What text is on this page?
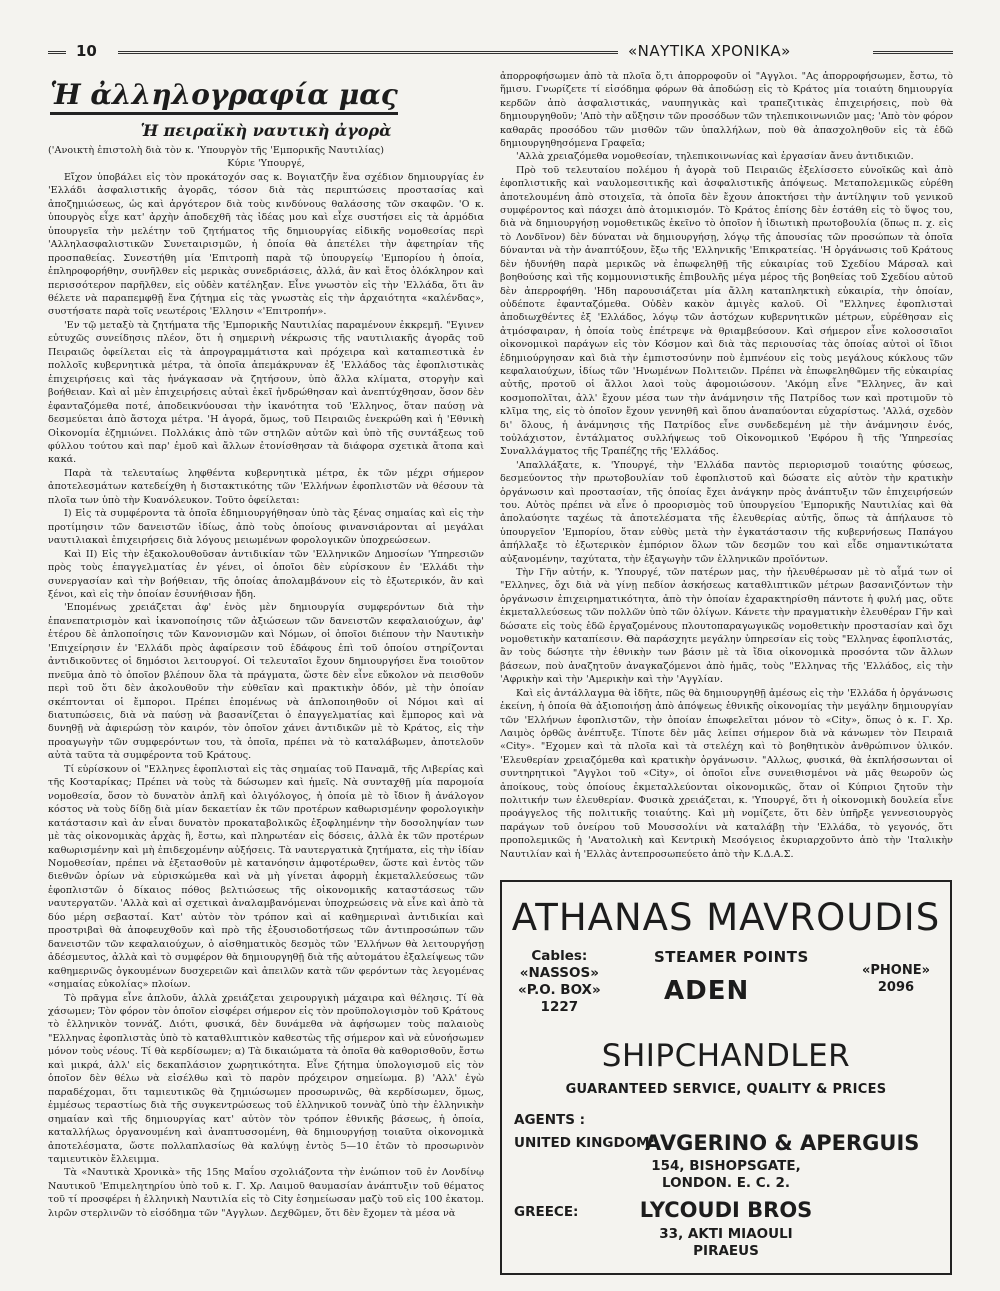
10	«ΝΑΥΤΙΚΑ ΧΡΟΝΙΚΑ»
Ἡ ἀλληλογραφία μας
Ἡ πειραϊκὴ ναυτικὴ ἀγορὰ

('Ανοικτὴ ἐπιστολὴ διὰ τὸν κ. 'Υπουργὸν τῆς 'Εμπορικῆς Ναυτιλίας)

Κύριε 'Υπουργέ,

Εἴχον ὑποβάλει εἰς τὸν προκάτοχόν σας κ. Βογιατζῆν ἕνα σχέδιον δημιουργίας ἐν 'Ελλάδι ἀσφαλιστικῆς ἀγορᾶς, τόσον διὰ τὰς περιπτώσεις προστασίας καὶ ἀποζημιώσεως, ὡς καὶ ἀργότερον διὰ τοὺς κινδύνους θαλάσσης τῶν σκαφῶν. 'Ο κ. ὑπουργὸς εἶχε κατ' ἀρχὴν ἀποδεχθῆ τὰς ἰδέας μου καὶ εἶχε συστήσει εἰς τὰ ἁρμόδια ὑπουργεῖα τὴν μελέτην τοῦ ζητήματος τῆς δημιουργίας εἰδικῆς νομοθεσίας περὶ 'Αλληλασφαλιστικῶν Συνεταιρισμῶν, ἡ ὁποία θὰ ἀπετέλει τὴν ἀφετηρίαν τῆς προσπαθείας. Συνεστήθη μία 'Επιτροπὴ παρὰ τῷ ὑπουργείῳ 'Εμπορίου ἡ ὁποία, ἐπληροφορήθην, συνῆλθεν εἰς μερικὰς συνεδριάσεις, ἀλλά, ἂν καὶ ἔτος ὁλόκληρον καὶ περισσότερον παρῆλθεν, εἰς οὐδὲν κατέληξαν. Εἶνε γνωστὸν εἰς τὴν 'Ελλάδα, ὅτι ἂν θέλετε νὰ παραπεμφθῇ ἕνα ζήτημα εἰς τὰς γνωστὰς εἰς τὴν ἀρχαιότητα «καλένδας», συστήσατε παρὰ τοῖς νεωτέροις 'Ελλησιν «'Επιτροπήν».

'Εν τῷ μεταξὺ τὰ ζητήματα τῆς 'Εμπορικῆς Ναυτιλίας παραμένουν ἐκκρεμῆ. "Εγινεν εὐτυχῶς συνείδησις πλέον, ὅτι ἡ σημερινὴ νέκρωσις τῆς ναυτιλιακῆς ἀγορᾶς τοῦ Πειραιῶς ὀφείλεται εἰς τὰ ἀπρογραμμάτιστα καὶ πρόχειρα καὶ καταπιεστικὰ ἐν πολλοῖς κυβερνητικὰ μέτρα, τὰ ὁποῖα ἀπεμάκρυναν ἐξ 'Ελλάδος τὰς ἐφοπλιστικὰς ἐπιχειρήσεις καὶ τὰς ἠνάγκασαν νὰ ζητήσουν, ὑπὸ ἄλλα κλίματα, στοργὴν καὶ βοήθειαν. Καὶ αἱ μὲν ἐπιχειρήσεις αὐταὶ ἐκεῖ ἠνδρώθησαν καὶ ἀνεπτύχθησαν, ὅσον δὲν ἐφανταζόμεθα ποτέ, ἀποδεικνύουσαι τὴν ἱκανότητα τοῦ 'Ελληνος, ὅταν παύσῃ νὰ δεσμεύεται ἀπὸ ἄστοχα μέτρα. 'Η ἀγορά, ὅμως, τοῦ Πειραιῶς ἐνεκρώθη καὶ ἡ 'Εθνικὴ Οἰκονομία ἐζημιώνει. Πολλάκις ἀπὸ τῶν στηλῶν αὐτῶν καὶ ὑπὸ τῆς συντάξεως τοῦ φύλλου τούτου καὶ παρ' ἐμοῦ καὶ ἄλλων ἐτονίσθησαν τὰ διάφορα σχετικὰ ἄτοπα καὶ κακά.

Παρὰ τὰ τελευταίως ληφθέντα κυβερνητικὰ μέτρα, ἐκ τῶν μέχρι σήμερον ἀποτελεσμάτων κατεδείχθη ἡ διστακτικότης τῶν 'Ελλήνων ἐφοπλιστῶν νὰ θέσουν τὰ πλοῖα των ὑπὸ τὴν Κυανόλευκον. Τοῦτο ὀφείλεται:

I) Εἰς τὰ συμφέροντα τὰ ὁποῖα ἐδημιουργήθησαν ὑπὸ τὰς ξένας σημαίας καὶ εἰς τὴν προτίμησιν τῶν δανειστῶν ἰδίως, ἀπὸ τοὺς ὁποίους φινανσιάρονται αἱ μεγάλαι ναυτιλιακαὶ ἐπιχειρήσεις διὰ λόγους μειωμένων φορολογικῶν ὑποχρεώσεων.

Καὶ II) Εἰς τὴν ἐξακολουθοῦσαν ἀντιδικίαν τῶν 'Ελληνικῶν Δημοσίων 'Υπηρεσιῶν πρὸς τοὺς ἐπαγγελματίας ἐν γένει, οἱ ὁποῖοι δὲν εὑρίσκουν ἐν 'Ελλάδι τὴν συνεργασίαν καὶ τὴν βοήθειαν, τῆς ὁποίας ἀπολαμβάνουν εἰς τὸ ἐξωτερικόν, ἂν καὶ ξένοι, καὶ εἰς τὴν ὁποίαν ἐσυνήθισαν ἤδη.

'Επομένως χρειάζεται ἀφ' ἑνὸς μὲν δημιουργία συμφερόντων διὰ τὴν ἐπανεπατρισμὸν καὶ ἱκανοποίησις τῶν ἀξιώσεων τῶν δανειστῶν κεφαλαιούχων, ἀφ' ἑτέρου δὲ ἀπλοποίησις τῶν Κανονισμῶν καὶ Νόμων, οἱ ὁποῖοι διέπουν τὴν Ναυτικὴν 'Επιχείρησιν ἐν 'Ελλάδι πρὸς ἀφαίρεσιν τοῦ ἐδάφους ἐπὶ τοῦ ὁποίου στηρίζονται ἀντιδικοῦντες οἱ δημόσιοι λειτουργοί. Οἱ τελευταῖοι ἔχουν δημιουργήσει ἕνα τοιοῦτον πνεῦμα ἀπὸ τὸ ὁποῖον βλέπουν ὅλα τὰ πράγματα, ὥστε δὲν εἶνε εὔκολον νὰ πεισθοῦν περὶ τοῦ ὅτι δὲν ἀκολουθοῦν τὴν εὐθεῖαν καὶ πρακτικὴν ὁδόν, μὲ τὴν ὁποίαν σκέπτονται οἱ ἔμποροι. Πρέπει ἐπομένως νὰ ἁπλοποιηθοῦν οἱ Νόμοι καὶ αἱ διατυπώσεις, διὰ νὰ παύσῃ νὰ βασανίζεται ὁ ἐπαγγελματίας καὶ ἔμπορος καὶ νὰ δυνηθῇ νὰ ἀφιερώσῃ τὸν καιρόν, τὸν ὁποῖον χάνει ἀντιδικῶν μὲ τὸ Κράτος, εἰς τὴν προαγωγὴν τῶν συμφερόντων του, τὰ ὁποῖα, πρέπει νὰ τὸ καταλάβωμεν, ἀποτελοῦν αὐτὰ ταῦτα τὰ συμφέροντα τοῦ Κράτους.

Τί εὑρίσκουν οἱ "Ελληνες ἐφοπλισταὶ εἰς τὰς σημαίας τοῦ Παναμᾶ, τῆς Λιβερίας καὶ τῆς Κοσταρίκας; Πρέπει νὰ τοὺς τὰ δώσωμεν καὶ ἡμεῖς. Νὰ συνταχθῇ μία παρομοία νομοθεσία, ὅσον τὸ δυνατὸν ἁπλῆ καὶ ὀλιγόλογος, ἡ ὁποία μὲ τὸ ἴδιον ἢ ἀνάλογον κόστος νὰ τοὺς δίδῃ διὰ μίαν δεκαετίαν ἐκ τῶν προτέρων καθωρισμένην φορολογικὴν κατάστασιν καὶ ἀν εἶναι δυνατὸν προκαταβολικῶς ἐξοφλημένην τὴν δοσοληψίαν των μὲ τὰς οἰκονομικὰς ἀρχὰς ἢ, ἔστω, καὶ πληρωτέαν εἰς δόσεις, ἀλλὰ ἐκ τῶν προτέρων καθωρισμένην καὶ μὴ ἐπιδεχομένην αὐξήσεις. Τὰ ναυτεργατικὰ ζητήματα, εἰς τὴν ἰδίαν Νομοθεσίαν, πρέπει νὰ ἐξετασθοῦν μὲ κατανόησιν ἀμφοτέρωθεν, ὥστε καὶ ἐντὸς τῶν διεθνῶν ὁρίων νὰ εὑρισκώμεθα καὶ νὰ μὴ γίνεται ἀφορμὴ ἐκμεταλλεύσεως τῶν ἐφοπλιστῶν ὁ δίκαιος πόθος βελτιώσεως τῆς οἰκονομικῆς καταστάσεως τῶν ναυτεργατῶν. 'Αλλὰ καὶ αἱ σχετικαὶ ἀναλαμβανόμεναι ὑποχρεώσεις νὰ εἶνε καὶ ἀπὸ τὰ δύο μέρη σεβασταί. Κατ' αὐτὸν τὸν τρόπον καὶ αἱ καθημεριναὶ ἀντιδικίαι καὶ προστριβαὶ θὰ ἀποφευχθοῦν καὶ πρὸ τῆς ἐξουσιοδοτήσεως τῶν ἀντιπροσώπων τῶν δανειστῶν τῶν κεφαλαιούχων, ὁ αἰσθηματικὸς δεσμὸς τῶν 'Ελλήνων θὰ λειτουργήσῃ ἀδέσμευτος, ἀλλὰ καὶ τὸ συμφέρον θὰ δημιουργηθῇ διὰ τῆς αὐτομάτου ἐξαλείψεως τῶν καθημερινῶς ὀγκουμένων δυσχερειῶν καὶ ἀπειλῶν κατὰ τῶν φερόντων τὰς λεγομένας «σημαίας εὐκολίας» πλοίων.

Τὸ πρᾶγμα εἶνε ἁπλοῦν, ἀλλὰ χρειάζεται χειρουργικὴ μάχαιρα καὶ θέλησις. Τί θὰ χάσωμεν; Τὸν φόρον τὸν ὁποῖον εἰσφέρει σήμερον εἰς τὸν προϋπολογισμὸν τοῦ Κράτους τὸ ἑλληνικὸν τοννάζ. Διότι, φυσικά, δὲν δυνάμεθα νὰ ἀφήσωμεν τοὺς παλαιοὺς "Ελληνας ἐφοπλιστὰς ὑπὸ τὸ καταθλιπτικὸν καθεστὼς τῆς σήμερον καὶ νὰ εὐνοήσωμεν μόνον τοὺς νέους. Τί θὰ κερδίσωμεν; α) Τὰ δικαιώματα τὰ ὁποῖα θὰ καθορισθοῦν, ἔστω καὶ μικρά, ἀλλ' εἰς δεκαπλάσιον χωρητικότητα. Εἶνε ζήτημα ὑπολογισμοῦ εἰς τὸν ὁποῖον δὲν θέλω νὰ εἰσέλθω καὶ τὸ παρὸν πρόχειρον σημείωμα. β) 'Αλλ' ἐγὼ παραδέχομαι, ὅτι ταμιευτικῶς θὰ ζημιώσωμεν προσωρινῶς, θὰ κερδίσωμεν, ὅμως, ἐμμέσως τεραστίως διὰ τῆς συγκεντρώσεως τοῦ ἑλληνικοῦ τοννὰζ ὑπὸ τὴν ἑλληνικὴν σημαίαν καὶ τῆς δημιουργίας κατ' αὐτὸν τὸν τρόπον ἐθνικῆς βάσεως, ἡ ὁποία, καταλλήλως ὀργανουμένη καὶ ἀναπτυσσομένη, θὰ δημιουργήσῃ τοιαῦτα οἰκονομικὰ ἀποτελέσματα, ὥστε πολλαπλασίως θὰ καλύψῃ ἐντὸς 5—10 ἐτῶν τὸ προσωρινὸν ταμιευτικὸν ἔλλειμμα.

Τὰ «Ναυτικὰ Χρονικὰ» τῆς 15ης Μαΐου σχολιάζοντα τὴν ἐνώπιον τοῦ ἐν Λονδίνῳ Ναυτικοῦ 'Επιμελητηρίου ὑπὸ τοῦ κ. Γ. Χρ. Λαιμοῦ θαυμασίαν ἀνάπτυξιν τοῦ θέματος τοῦ τί προσφέρει ἡ ἑλληνικὴ Ναυτιλία εἰς τὸ City ἐσημείωσαν μαζὺ τοῦ εἰς 100 ἑκατομ. λιρῶν στερλινῶν τὸ εἰσόδημα τῶν "Αγγλων. Δεχθῶμεν, ὅτι δὲν ἔχομεν τὰ μέσα νὰ

ἀπορροφήσωμεν ἀπὸ τὰ πλοῖα ὅ,τι ἀπορροφοῦν οἱ "Αγγλοι. "Ας ἀπορροφήσωμεν, ἔστω, τὸ ἥμισυ. Γνωρίζετε τί εἰσόδημα φόρων θὰ ἀποδώσῃ εἰς τὸ Κράτος μία τοιαύτη δημιουργία κερδῶν ἀπὸ ἀσφαλιστικάς, ναυπηγικὰς καὶ τραπεζιτικὰς ἐπιχειρήσεις, ποὺ θὰ δημιουργηθοῦν; 'Απὸ τὴν αὔξησιν τῶν προσόδων τῶν τηλεπικοινωνιῶν μας; 'Απὸ τὸν φόρον καθαρᾶς προσόδου τῶν μισθῶν τῶν ὑπαλλήλων, ποὺ θὰ ἀπασχοληθοῦν εἰς τὰ ἐδῶ δημιουργηθησόμενα Γραφεῖα;

'Αλλὰ χρειαζόμεθα νομοθεσίαν, τηλεπικοινωνίας καὶ ἐργασίαν ἄνευ ἀντιδικιῶν.

Πρὸ τοῦ τελευταίου πολέμου ἡ ἀγορὰ τοῦ Πειραιῶς ἐξελίσσετο εὐνοϊκῶς καὶ ἀπὸ ἐφοπλιστικῆς καὶ ναυλομεσιτικῆς καὶ ἀσφαλιστικῆς ἀπόψεως. Μεταπολεμικῶς εὑρέθη ἀποτελουμένη ἀπὸ στοιχεῖα, τὰ ὁποῖα δὲν ἔχουν ἀποκτήσει τὴν ἀντίληψιν τοῦ γενικοῦ συμφέροντος καὶ πάσχει ἀπὸ ἀτομικισμόν. Τὸ Κράτος ἐπίσης δὲν ἐστάθη εἰς τὸ ὕψος του, διὰ νὰ δημιουργήσῃ νομοθετικῶς ἐκεῖνο τὸ ὁποῖον ἡ ἰδιωτικὴ πρωτοβουλία (ὅπως π. χ. εἰς τὸ Λονδῖνον) δὲν δύναται νὰ δημιουργήσῃ, λόγῳ τῆς ἀπουσίας τῶν προσώπων τὰ ὁποῖα δύνανται νὰ τὴν ἀναπτύξουν, ἔξω τῆς 'Ελληνικῆς 'Επικρατείας. 'Η ὀργάνωσις τοῦ Κράτους δὲν ἠδυνήθη παρὰ μερικῶς νὰ ἐπωφεληθῇ τῆς εὐκαιρίας τοῦ Σχεδίου Μάρσαλ καὶ βοηθούσης καὶ τῆς κομμουνιστικῆς ἐπιβουλῆς μέγα μέρος τῆς βοηθείας τοῦ Σχεδίου αὐτοῦ δὲν ἀπερροφήθη. 'Ηδη παρουσιάζεται μία ἄλλη καταπληκτικὴ εὐκαιρία, τὴν ὁποίαν, οὐδέποτε ἐφανταζόμεθα. Οὐδὲν κακὸν ἀμιγὲς καλοῦ. Οἱ "Ελληνες ἐφοπλισταὶ ἀποδιωχθέντες ἐξ 'Ελλάδος, λόγῳ τῶν ἀστόχων κυβερνητικῶν μέτρων, εὑρέθησαν εἰς ἀτμόσφαιραν, ἡ ὁποία τοὺς ἐπέτρεψε νὰ θριαμβεύσουν. Καὶ σήμερον εἶνε κολοσσιαῖοι οἰκονομικοὶ παράγων εἰς τὸν Κόσμον καὶ διὰ τὰς περιουσίας τὰς ὁποίας αὐτοὶ οἱ ἴδιοι ἐδημιούργησαν καὶ διὰ τὴν ἐμπιστοσύνην ποὺ ἐμπνέουν εἰς τοὺς μεγάλους κύκλους τῶν κεφαλαιούχων, ἰδίως τῶν 'Ηνωμένων Πολιτειῶν. Πρέπει νὰ ἐπωφεληθῶμεν τῆς εὐκαιρίας αὐτῆς, προτοῦ οἱ ἄλλοι λαοὶ τοὺς ἀφομοιώσουν. 'Ακόμη εἶνε "Ελληνες, ἂν καὶ κοσμοπολῖται, ἀλλ' ἔχουν μέσα των τὴν ἀνάμνησιν τῆς Πατρίδος των καὶ προτιμοῦν τὸ κλῖμα της, εἰς τὸ ὁποῖον ἔχουν γεννηθῆ καὶ ὅπου ἀναπαύονται εὐχαρίστως. 'Αλλά, σχεδὸν δι' ὅλους, ἡ ἀνάμνησις τῆς Πατρίδος εἶνε συνδεδεμένη μὲ τὴν ἀνάμνησιν ἑνός, τοὐλάχιστον, ἐντάλματος συλλήψεως τοῦ Οἰκονομικοῦ 'Εφόρου ἢ τῆς 'Υπηρεσίας Συναλλάγματος τῆς Τραπέζης τῆς 'Ελλάδος.

'Απαλλάξατε, κ. 'Υπουργέ, τὴν 'Ελλάδα παντὸς περιορισμοῦ τοιαύτης φύσεως, δεσμεύοντος τὴν πρωτοβουλίαν τοῦ ἐφοπλιστοῦ καὶ δώσατε εἰς αὐτὸν τὴν κρατικὴν ὀργάνωσιν καὶ προστασίαν, τῆς ὁποίας ἔχει ἀνάγκην πρὸς ἀνάπτυξιν τῶν ἐπιχειρήσεών του. Αὐτὸς πρέπει νὰ εἶνε ὁ προορισμὸς τοῦ ὑπουργείου 'Εμπορικῆς Ναυτιλίας καὶ θὰ ἀπολαύσητε ταχέως τὰ ἀποτελέσματα τῆς ἐλευθερίας αὐτῆς, ὅπως τὰ ἀπήλαυσε τὸ ὑπουργεῖον 'Εμπορίου, ὅταν εὐθὺς μετὰ τὴν ἐγκατάστασιν τῆς κυβερνήσεως Παπάγου ἀπήλλαξε τὸ ἐξωτερικὸν ἐμπόριον ὅλων τῶν δεσμῶν του καὶ εἶδε σημαντικώτατα αὐξανομένην, ταχύτατα, τὴν ἐξαγωγὴν τῶν ἑλληνικῶν προϊόντων.

Τὴν Γῆν αὐτήν, κ. 'Υπουργέ, τῶν πατέρων μας, τὴν ἠλευθέρωσαν μὲ τὸ αἷμά των οἱ "Ελληνες, ὄχι διὰ νὰ γίνῃ πεδίον ἀσκήσεως καταθλιπτικῶν μέτρων βασανιζόντων τὴν ὀργάνωσιν ἐπιχειρηματικότητα, ἀπὸ τὴν ὁποίαν ἐχαρακτηρίσθη πάντοτε ἡ φυλή μας, οὔτε ἐκμεταλλεύσεως τῶν πολλῶν ὑπὸ τῶν ὀλίγων. Κάνετε τὴν πραγματικὴν ἐλευθέραν Γῆν καὶ δώσατε εἰς τοὺς ἐδῶ ἐργαζομένους πλουτοπαραγωγικῶς νομοθετικὴν προστασίαν καὶ ὄχι νομοθετικὴν καταπίεσιν. Θὰ παράσχητε μεγάλην ὑπηρεσίαν εἰς τοὺς "Ελληνας ἐφοπλιστάς, ἂν τοὺς δώσητε τὴν ἐθνικὴν των βάσιν μὲ τὰ ἴδια οἰκονομικὰ προσόντα τῶν ἄλλων βάσεων, ποὺ ἀναζητοῦν ἀναγκαζόμενοι ἀπὸ ἡμᾶς, τοὺς "Ελληνας τῆς 'Ελλάδος, εἰς τὴν 'Αφρικὴν καὶ τὴν 'Αμερικὴν καὶ τὴν 'Αγγλίαν.

Καὶ εἰς ἀντάλλαγμα θὰ ἰδῆτε, πῶς θὰ δημιουργηθῇ ἀμέσως εἰς τὴν 'Ελλάδα ἡ ὀργάνωσις ἐκείνη, ἡ ὁποία θὰ ἀξιοποιήσῃ ἀπὸ ἀπόψεως ἐθνικῆς οἰκονομίας τὴν μεγάλην δημιουργίαν τῶν 'Ελλήνων ἐφοπλιστῶν, τὴν ὁποίαν ἐπωφελεῖται μόνον τὸ «City», ὅπως ὁ κ. Γ. Χρ. Λαιμὸς ὀρθῶς ἀνέπτυξε. Τίποτε δὲν μᾶς λείπει σήμερον διὰ νὰ κάνωμεν τὸν Πειραιᾶ «City». "Εχομεν καὶ τὰ πλοῖα καὶ τὰ στελέχη καὶ τὸ βοηθητικὸν ἀνθρώπινον ὑλικόν. 'Ελευθερίαν χρειαζόμεθα καὶ κρατικὴν ὀργάνωσιν. "Αλλως, φυσικά, θὰ ἐκπλήσσωνται οἱ συντηρητικοὶ "Αγγλοι τοῦ «City», οἱ ὁποῖοι εἶνε συνειθισμένοι νὰ μᾶς θεωροῦν ὡς ἀποίκους, τοὺς ὁποίους ἐκμεταλλεύονται οἰκονομικῶς, ὅταν οἱ Κύπριοι ζητοῦν τὴν πολιτικήν των ἐλευθερίαν. Φυσικὰ χρειάζεται, κ. 'Υπουργέ, ὅτι ἡ οἰκονομικὴ δουλεία εἶνε προάγγελος τῆς πολιτικῆς τοιαύτης. Καὶ μὴ νομίζετε, ὅτι δὲν ὑπῆρξε γεννεσιουργὸς παράγων τοῦ ὀνείρου τοῦ Μουσσολίνι νὰ καταλάβῃ τὴν 'Ελλάδα, τὸ γεγονός, ὅτι προπολεμικῶς ἡ 'Ανατολικὴ καὶ Κεντρικὴ Μεσόγειος ἐκυριαρχοῦντο ἀπὸ τὴν 'Ιταλικὴν Ναυτιλίαν καὶ ἡ 'Ελλὰς ἀντεπροσωπεύετο ἀπὸ τὴν Κ.Δ.Α.Σ.

ATHANAS MAVROUDIS
Cables:
«NASSOS»
«P.O. BOX»
1227
STEAMER POINTS
ADEN
«PHONE»
2096
SHIPCHANDLER
GUARANTEED SERVICE, QUALITY & PRICES
AGENTS :
UNITED KINGDOM:
AVGERINO & APERGUIS
154, BISHOPSGATE,
LONDON. E. C. 2.
GREECE:	LYCOUDI BROS
33, AKTI MIAOULI
PIRAEUS
